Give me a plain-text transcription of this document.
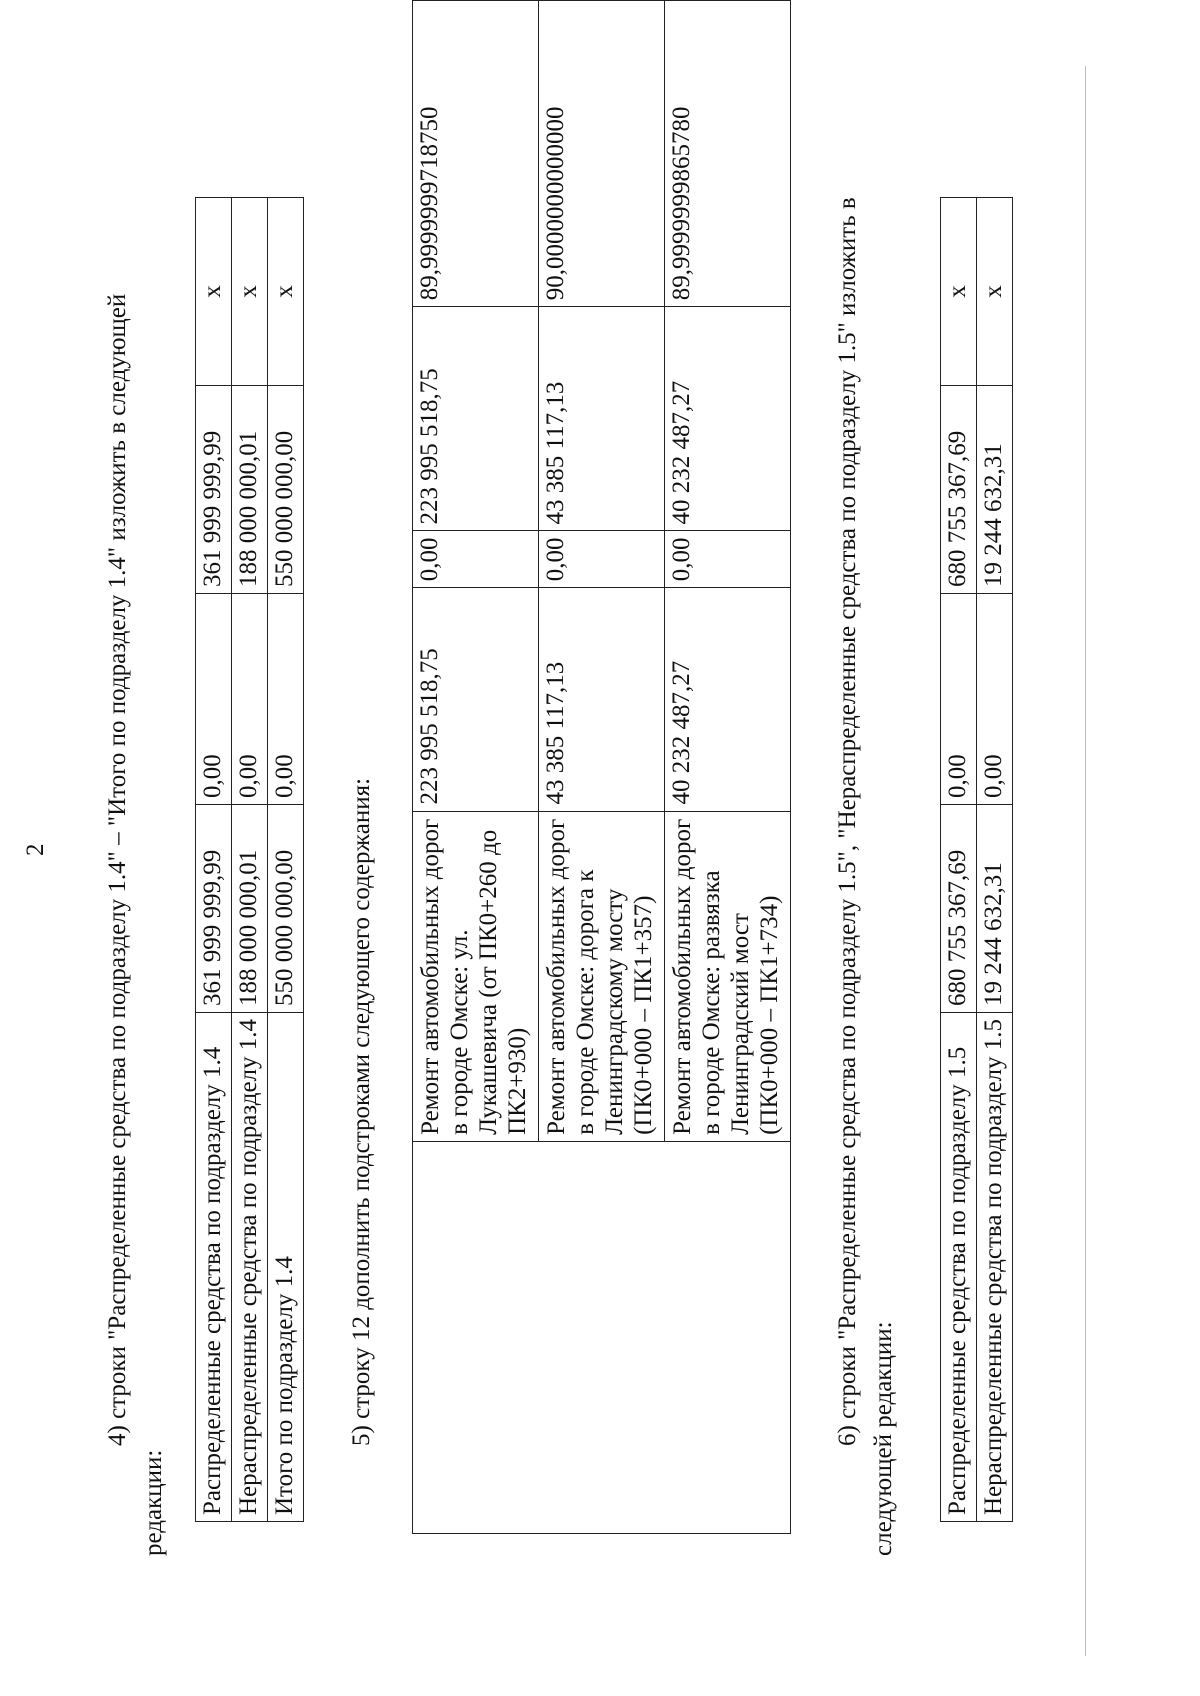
2 4) строки "Распределенные средства по подразделу 1.4" – "Итого по подразделу 1.4" изложить в следующей
редакции: Распределенные средства по подразделу 1.4	361 999 999,99	0,00	361 999 999,99	x
Нераспределенные средства по подразделу 1.4	188 000 000,01	0,00	188 000 000,01	x
Итого по подразделу 1.4	550 000 000,00	0,00	550 000 000,00	x

5) строку 12 дополнить подстроками следующего содержания:

	Ремонт автомобильных дорог в городе Омске: ул. Лукашевича (от ПК0+260 до ПК2+930)	223 995 518,75	0,00	223 995 518,75	89,9999999718750
	Ремонт автомобильных дорог в городе Омске: дорога к Ленинградскому мосту (ПК0+000 – ПК1+357)	43 385 117,13	0,00	43 385 117,13	90,0000000000000
	Ремонт автомобильных дорог в городе Омске: развязка Ленинградский мост (ПК0+000 – ПК1+734)	40 232 487,27	0,00	40 232 487,27	89,9999999865780	6) строки "Распределенные средства по подразделу 1.5", "Нераспределенные средства по подразделу 1.5" изложить в следующей редакции: Распределенные средства по подразделу 1.5	680 755 367,69	0,00	680 755 367,69	x
Нераспределенные средства по подразделу 1.5	19 244 632,31	0,00	19 244 632,31	x
